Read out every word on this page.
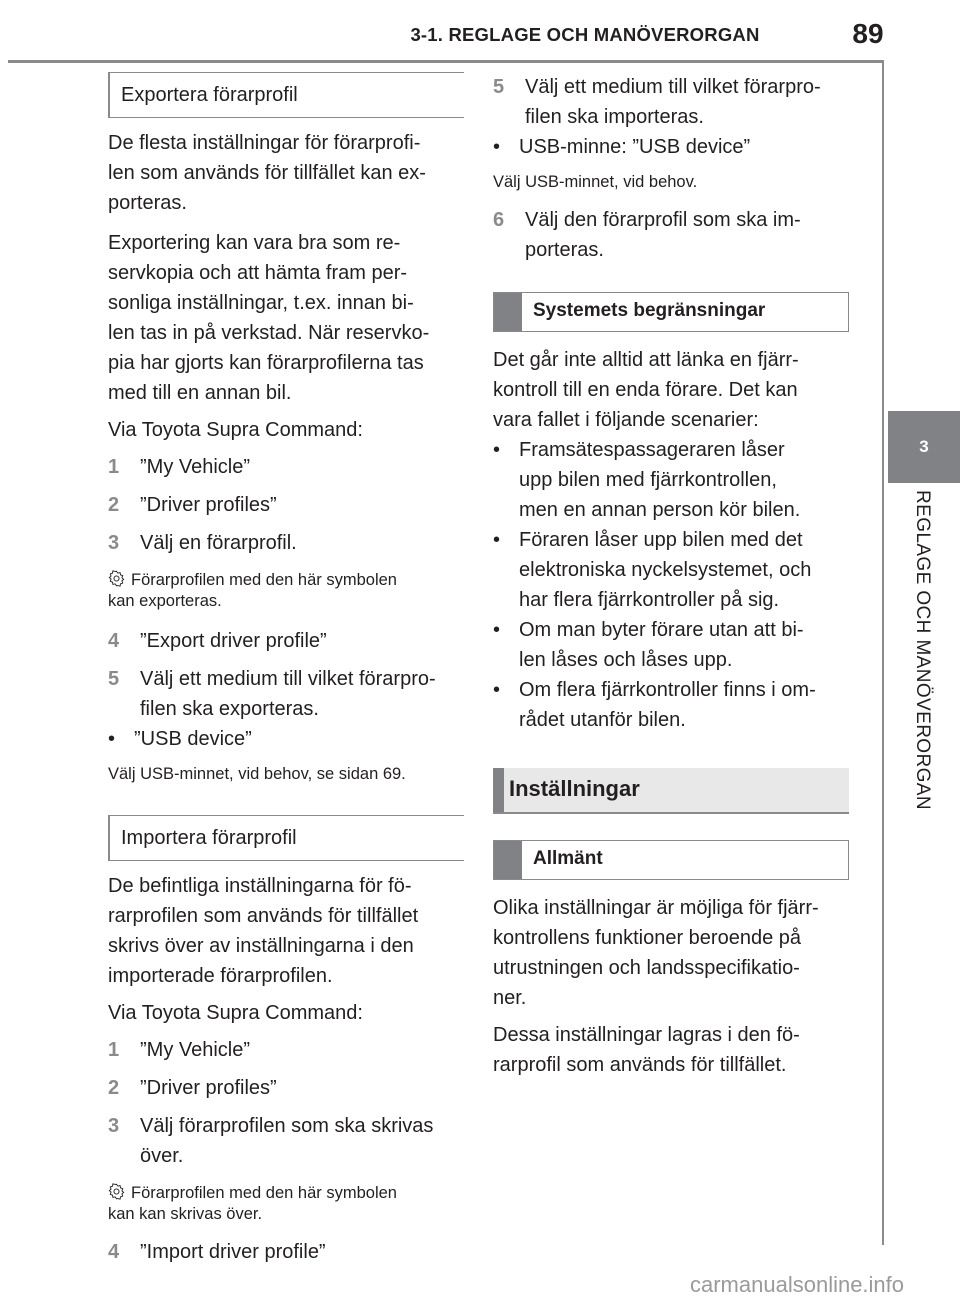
3-1. REGLAGE OCH MANÖVERORGAN	89
3
REGLAGE OCH MANÖVERORGAN
Exportera förarprofil

De flesta inställningar för förarprofi-
len som används för tillfället kan ex-
porteras.

Exportering kan vara bra som re-
servkopia och att hämta fram per-
sonliga inställningar, t.ex. innan bi-
len tas in på verkstad. När reservko-
pia har gjorts kan förarprofilerna tas
med till en annan bil.

Via Toyota Supra Command:

1 ”My Vehicle”

2 ”Driver profiles”

3 Välj en förarprofil.

Förarprofilen med den här symbolen
kan exporteras.

4 ”Export driver profile”

5 Välj ett medium till vilket förarpro-
filen ska exporteras.

• ”USB device”

Välj USB-minnet, vid behov, se sidan 69.

Importera förarprofil

De befintliga inställningarna för fö-
rarprofilen som används för tillfället
skrivs över av inställningarna i den
importerade förarprofilen.

Via Toyota Supra Command:

1 ”My Vehicle”

2 ”Driver profiles”

3 Välj förarprofilen som ska skrivas
över.

Förarprofilen med den här symbolen
kan kan skrivas över.

4 ”Import driver profile”

5 Välj ett medium till vilket förarpro-
filen ska importeras.

• USB-minne: ”USB device”

Välj USB-minnet, vid behov.

6 Välj den förarprofil som ska im-
porteras.

Systemets begränsningar

Det går inte alltid att länka en fjärr-
kontroll till en enda förare. Det kan
vara fallet i följande scenarier:

• Framsätespassageraren låser
upp bilen med fjärrkontrollen,
men en annan person kör bilen.

• Föraren låser upp bilen med det
elektroniska nyckelsystemet, och
har flera fjärrkontroller på sig.

• Om man byter förare utan att bi-
len låses och låses upp.

• Om flera fjärrkontroller finns i om-
rådet utanför bilen.

Inställningar
Allmänt

Olika inställningar är möjliga för fjärr-
kontrollens funktioner beroende på
utrustningen och landsspecifikatio-
ner.

Dessa inställningar lagras i den fö-
rarprofil som används för tillfället.

carmanualsonline.info
